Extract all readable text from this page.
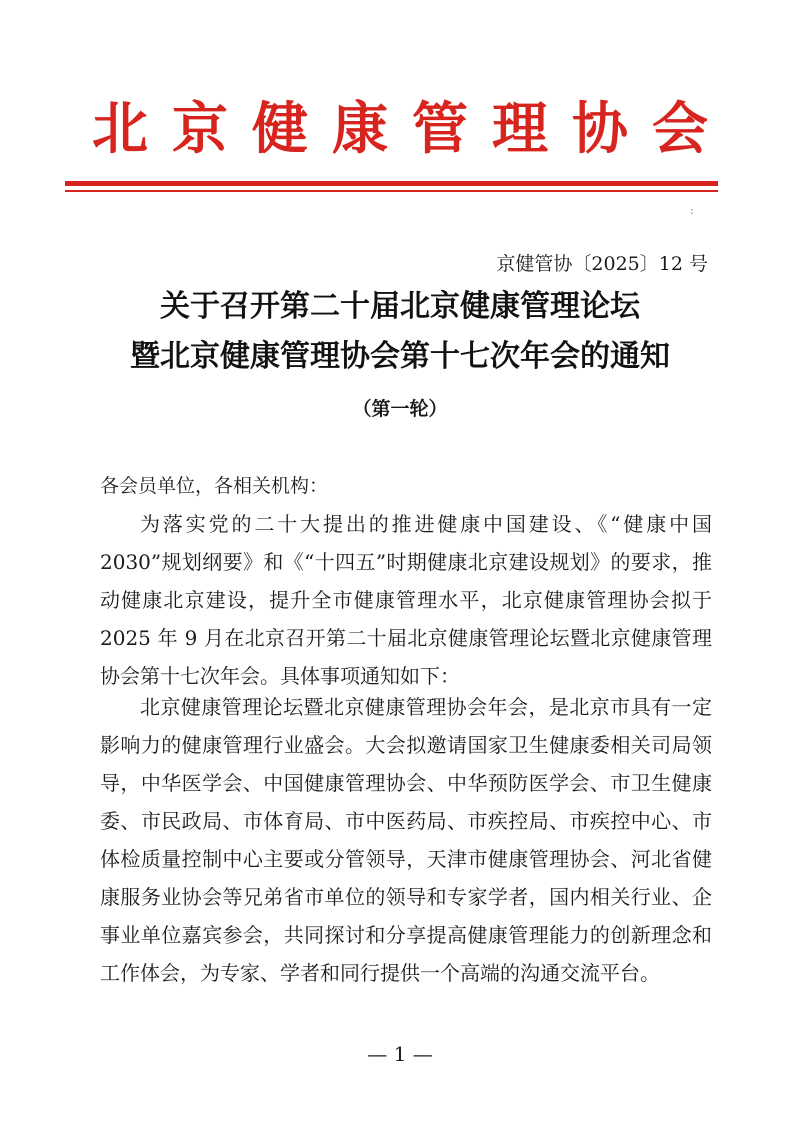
北京健康管理协会
:
京健管协〔2025〕12 号
关于召开第二十届北京健康管理论坛
暨北京健康管理协会第十七次年会的通知
（第一轮）
各会员单位，各相关机构：

为落实党的二十大提出的推进健康中国建设、《“健康中国2030”规划纲要》和《“十四五”时期健康北京建设规划》的要求，推动健康北京建设，提升全市健康管理水平，北京健康管理协会拟于 2025 年 9 月在北京召开第二十届北京健康管理论坛暨北京健康管理协会第十七次年会。具体事项通知如下：

北京健康管理论坛暨北京健康管理协会年会，是北京市具有一定影响力的健康管理行业盛会。大会拟邀请国家卫生健康委相关司局领导，中华医学会、中国健康管理协会、中华预防医学会、市卫生健康委、市民政局、市体育局、市中医药局、市疾控局、市疾控中心、市体检质量控制中心主要或分管领导，天津市健康管理协会、河北省健康服务业协会等兄弟省市单位的领导和专家学者，国内相关行业、企事业单位嘉宾参会，共同探讨和分享提高健康管理能力的创新理念和工作体会，为专家、学者和同行提供一个高端的沟通交流平台。

— 1 —
